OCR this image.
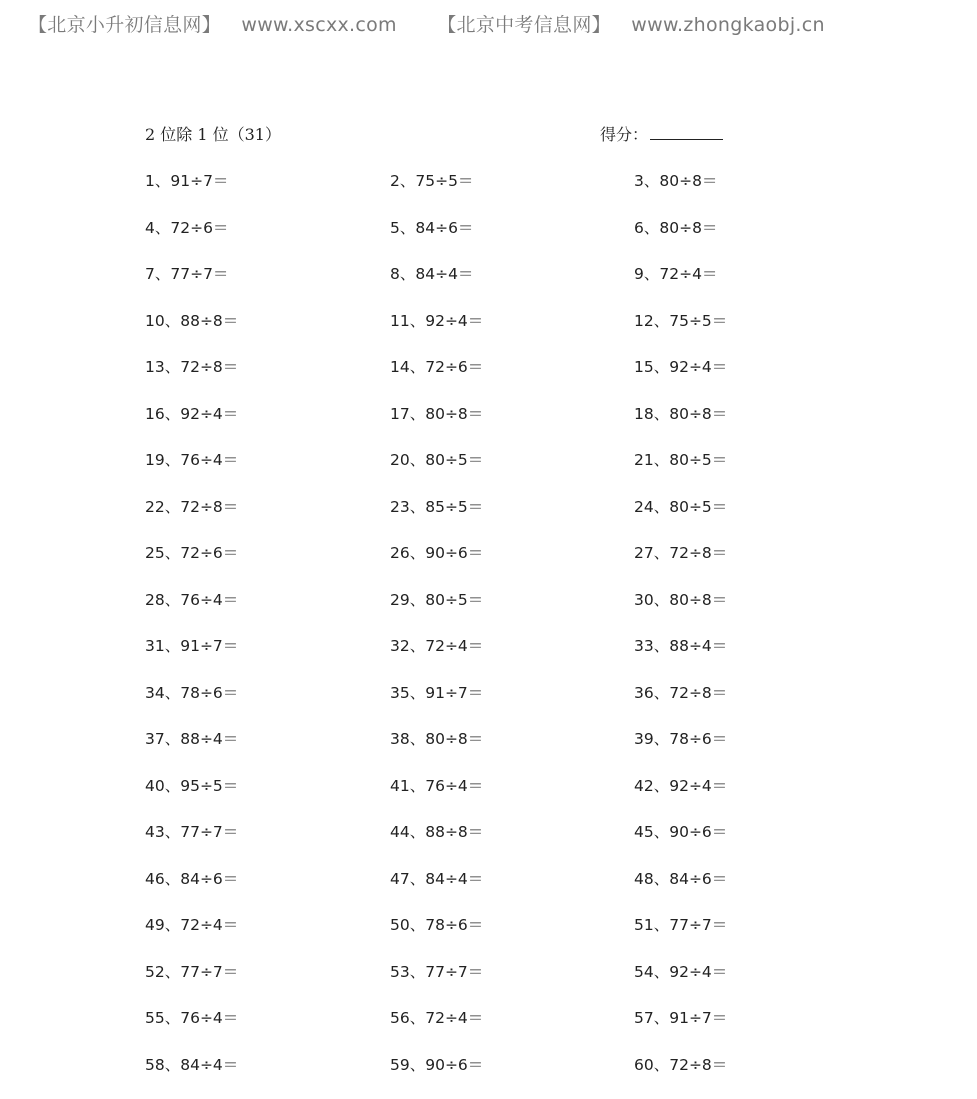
【北京小升初信息网】 www.xscxx.com 【北京中考信息网】 www.zhongkaobj.cn
2 位除 1 位（31）	得分：
1、91÷7＝	2、75÷5＝	3、80÷8＝
4、72÷6＝	5、84÷6＝	6、80÷8＝
7、77÷7＝	8、84÷4＝	9、72÷4＝
10、88÷8＝	11、92÷4＝	12、75÷5＝
13、72÷8＝	14、72÷6＝	15、92÷4＝
16、92÷4＝	17、80÷8＝	18、80÷8＝
19、76÷4＝	20、80÷5＝	21、80÷5＝
22、72÷8＝	23、85÷5＝	24、80÷5＝
25、72÷6＝	26、90÷6＝	27、72÷8＝
28、76÷4＝	29、80÷5＝	30、80÷8＝
31、91÷7＝	32、72÷4＝	33、88÷4＝
34、78÷6＝	35、91÷7＝	36、72÷8＝
37、88÷4＝	38、80÷8＝	39、78÷6＝
40、95÷5＝	41、76÷4＝	42、92÷4＝
43、77÷7＝	44、88÷8＝	45、90÷6＝
46、84÷6＝	47、84÷4＝	48、84÷6＝
49、72÷4＝	50、78÷6＝	51、77÷7＝
52、77÷7＝	53、77÷7＝	54、92÷4＝
55、76÷4＝	56、72÷4＝	57、91÷7＝
58、84÷4＝	59、90÷6＝	60、72÷8＝
